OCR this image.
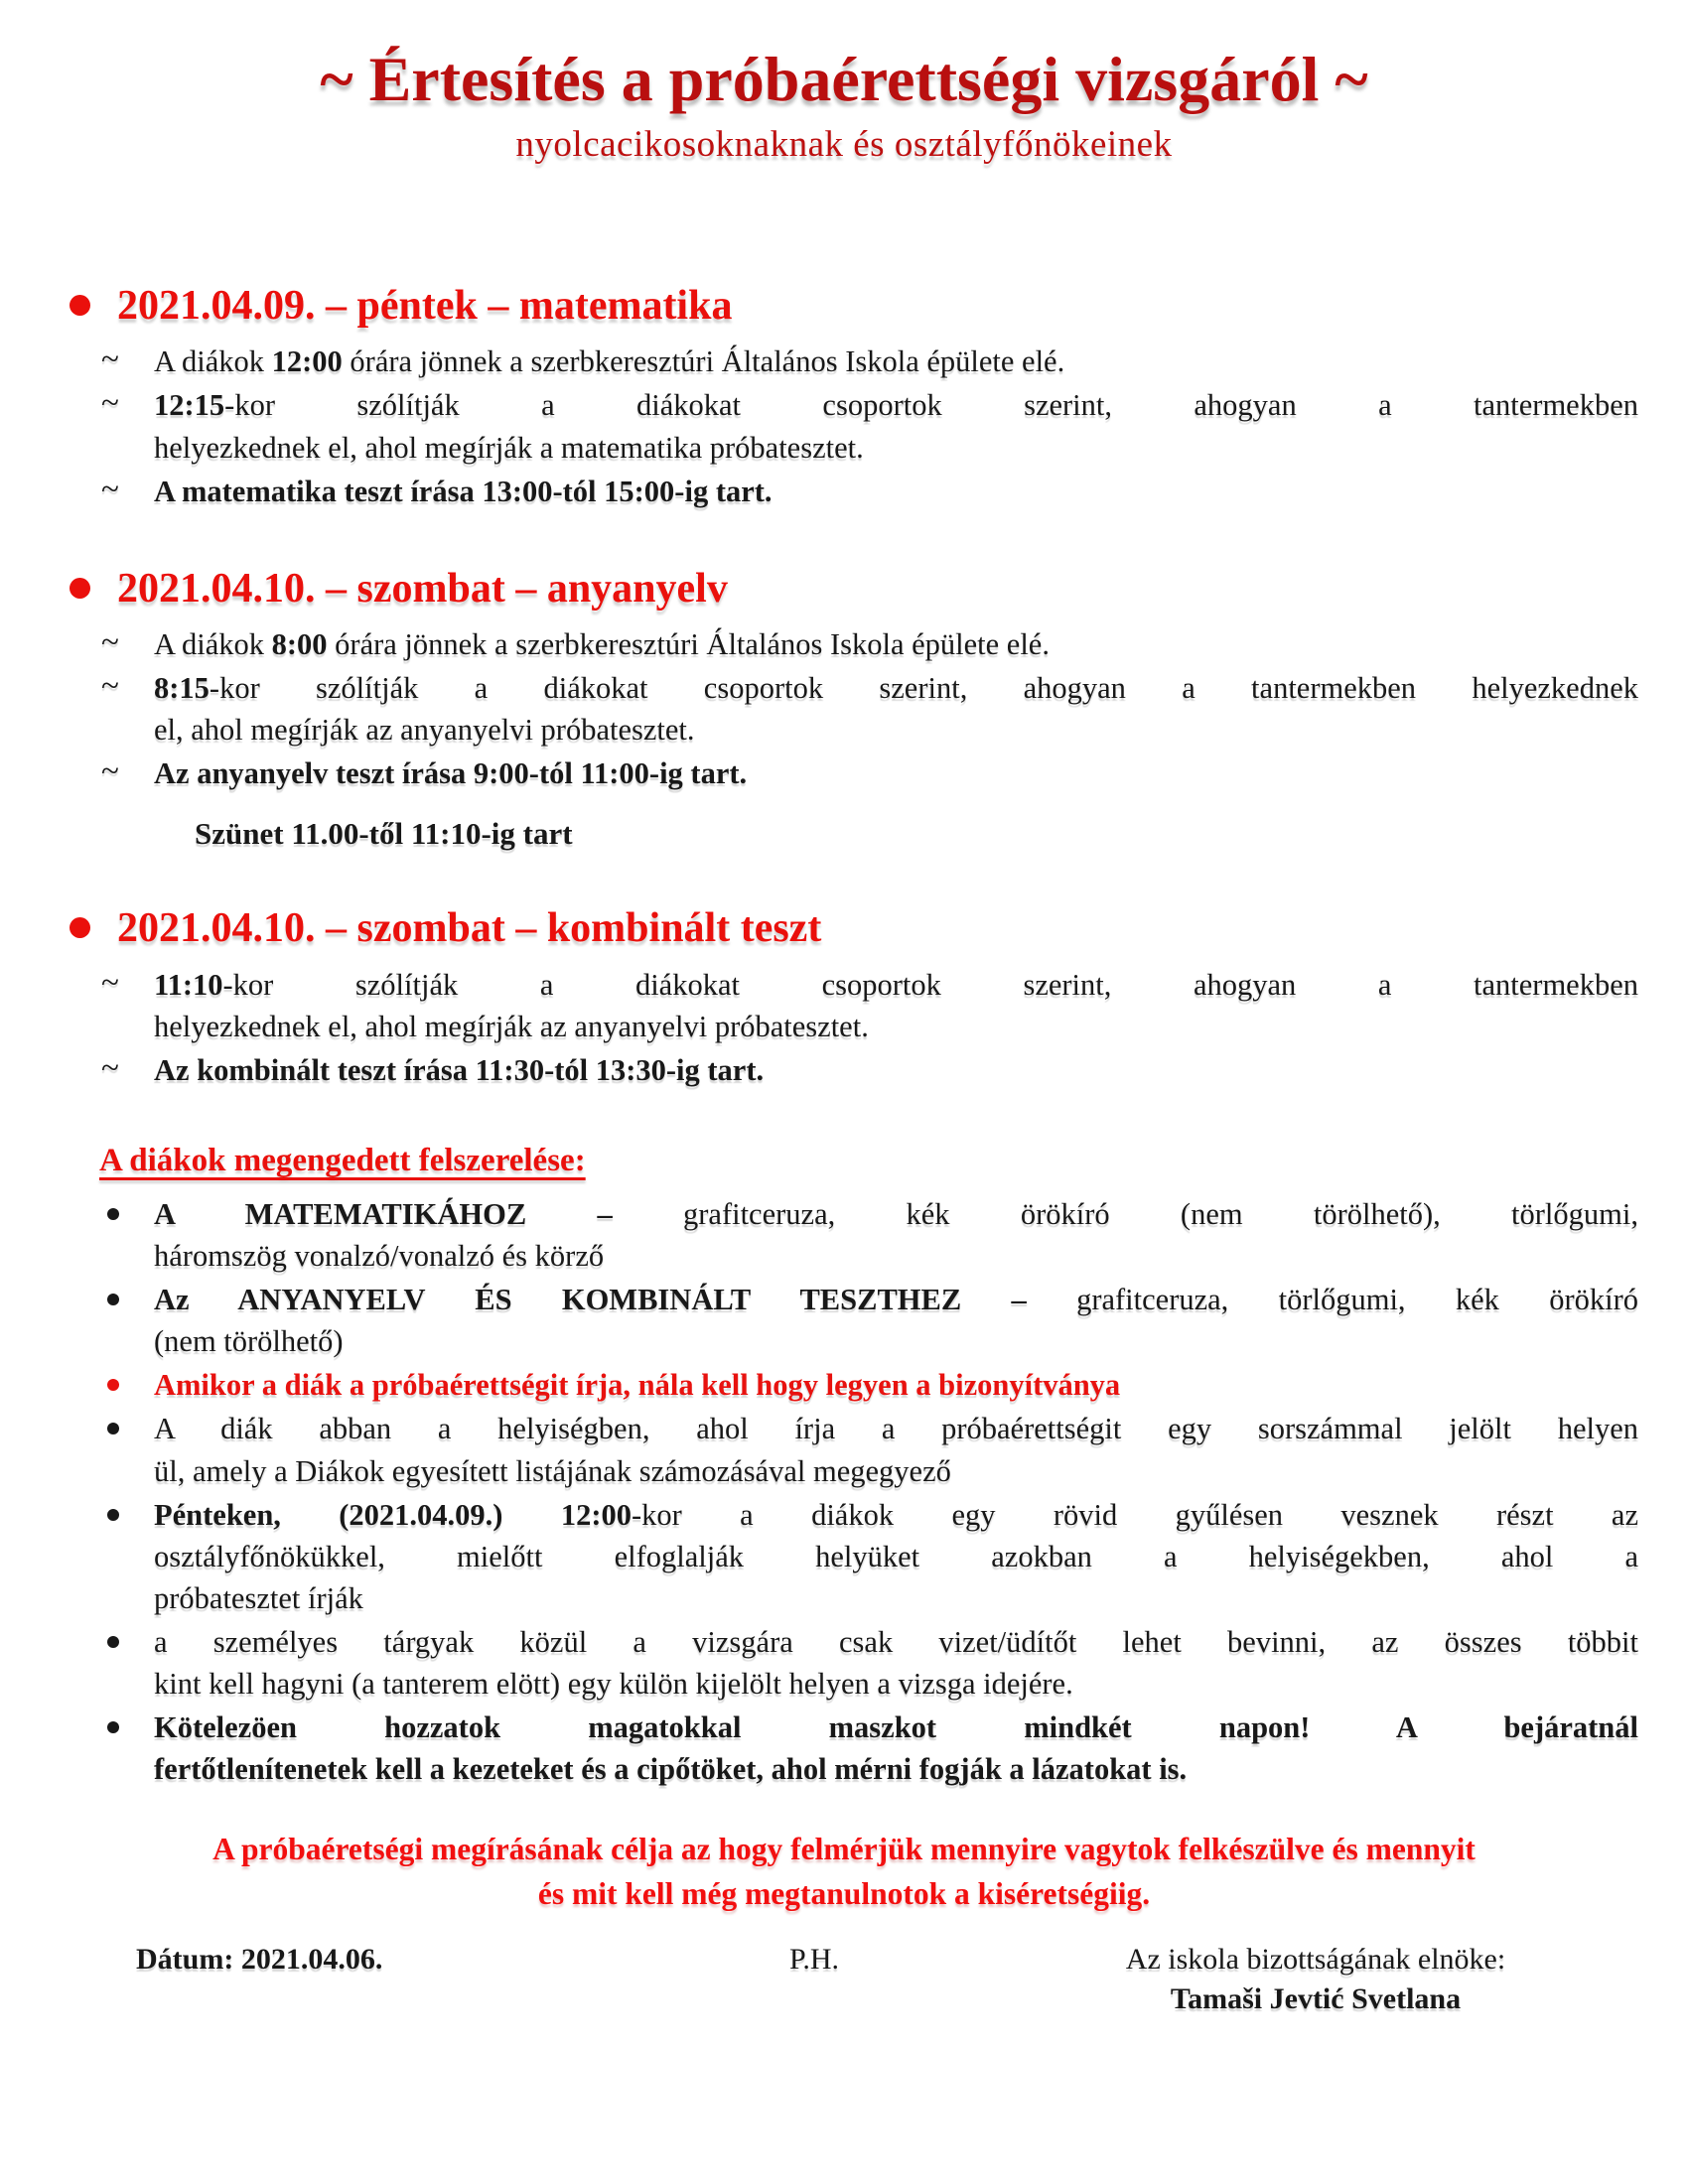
~ Értesítés a próbaérettségi vizsgáról ~
nyolcacikosoknaknak és osztályfőnökeinek
2021.04.09. – péntek – matematika
~ A diákok 12:00 órára jönnek a szerbkeresztúri Általános Iskola épülete elé.
~ 12:15-kor szólítják a diákokat csoportok szerint, ahogyan a tantermekben
helyezkednek el, ahol megírják a matematika próbatesztet.
~ A matematika teszt írása 13:00-tól 15:00-ig tart.
2021.04.10. – szombat – anyanyelv
~ A diákok 8:00 órára jönnek a szerbkeresztúri Általános Iskola épülete elé.
~ 8:15-kor szólítják a diákokat csoportok szerint, ahogyan a tantermekben helyezkednek
el, ahol megírják az anyanyelvi próbatesztet.
~ Az anyanyelv teszt írása 9:00-tól 11:00-ig tart.
Szünet 11.00-től 11:10-ig tart
2021.04.10. – szombat – kombinált teszt
~ 11:10-kor szólítják a diákokat csoportok szerint, ahogyan a tantermekben
helyezkednek el, ahol megírják az anyanyelvi próbatesztet.
~ Az kombinált teszt írása 11:30-tól 13:30-ig tart.
A diákok megengedett felszerelése:
A MATEMATIKÁHOZ – grafitceruza, kék örökíró (nem törölhető), törlőgumi,
háromszög vonalzó/vonalzó és körző
Az ANYANYELV ÉS KOMBINÁLT TESZTHEZ – grafitceruza, törlőgumi, kék örökíró
(nem törölhető)
Amikor a diák a próbaérettségit írja, nála kell hogy legyen a bizonyítványa
A diák abban a helyiségben, ahol írja a próbaérettségit egy sorszámmal jelölt helyen
ül, amely a Diákok egyesített listájának számozásával megegyező
Pénteken, (2021.04.09.) 12:00-kor a diákok egy rövid gyűlésen vesznek részt az
osztályfőnökükkel, mielőtt elfoglalják helyüket azokban a helyiségekben, ahol a
próbatesztet írják
a személyes tárgyak közül a vizsgára csak vizet/üdítőt lehet bevinni, az összes többit
kint kell hagyni (a tanterem elött) egy külön kijelölt helyen a vizsga idejére.
Kötelezöen hozzatok magatokkal maszkot mindkét napon! A bejáratnál
fertőtlenítenetek kell a kezeteket és a cipőtöket, ahol mérni fogják a lázatokat is.
A próbaéretségi megírásának célja az hogy felmérjük mennyire vagytok felkészülve és mennyit
és mit kell még megtanulnotok a kiséretségiig.
Dátum: 2021.04.06.	P.H.	Az iskola bizottságának elnöke:
Tamaši Jevtić Svetlana
